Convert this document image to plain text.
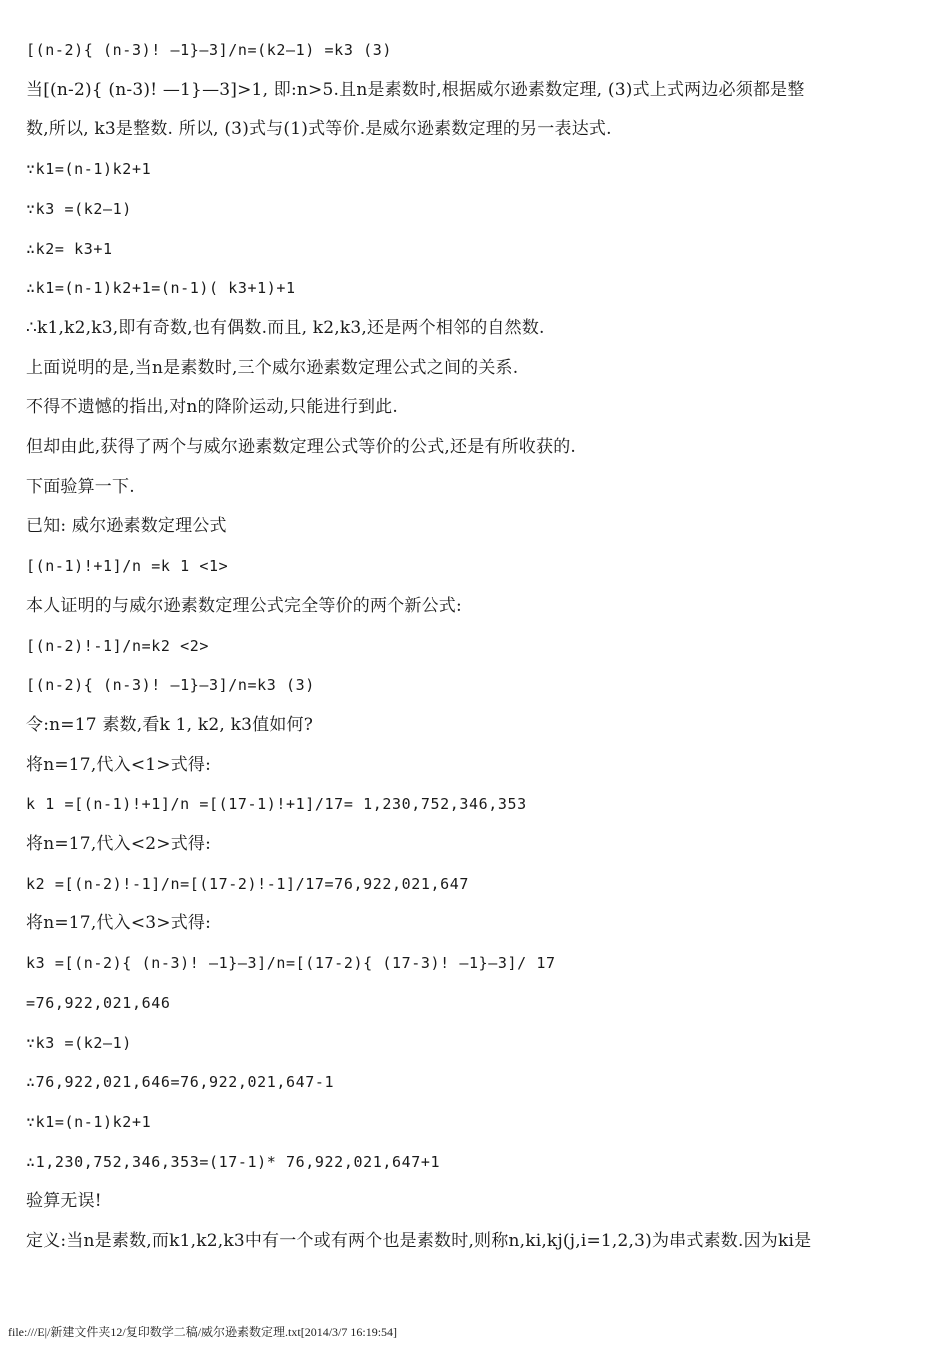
[(n-2){ (n-3)! —1}—3]/n=(k2—1) =k3 (3)
当[(n-2){ (n-3)! —1}—3]>1, 即:n>5.且n是素数时,根据威尔逊素数定理, (3)式上式两边必须都是整
数,所以, k3是整数. 所以, (3)式与(1)式等价.是威尔逊素数定理的另一表达式.
∵k1=(n-1)k2+1
∵k3 =(k2—1)
∴k2= k3+1
∴k1=(n-1)k2+1=(n-1)( k3+1)+1
∴k1,k2,k3,即有奇数,也有偶数.而且, k2,k3,还是两个相邻的自然数.
上面说明的是,当n是素数时,三个威尔逊素数定理公式之间的关系.
不得不遗憾的指出,对n的降阶运动,只能进行到此.
但却由此,获得了两个与威尔逊素数定理公式等价的公式,还是有所收获的.
下面验算一下.
已知: 威尔逊素数定理公式
[(n-1)!+1]/n =k 1 <1>
本人证明的与威尔逊素数定理公式完全等价的两个新公式:
[(n-2)!-1]/n=k2 <2>
[(n-2){ (n-3)! —1}—3]/n=k3 (3)
令:n=17 素数,看k 1, k2, k3值如何?
将n=17,代入<1>式得:
k 1 =[(n-1)!+1]/n =[(17-1)!+1]/17= 1,230,752,346,353
将n=17,代入<2>式得:
k2 =[(n-2)!-1]/n=[(17-2)!-1]/17=76,922,021,647
将n=17,代入<3>式得:
k3 =[(n-2){ (n-3)! —1}—3]/n=[(17-2){ (17-3)! —1}—3]/ 17
=76,922,021,646
∵k3 =(k2—1)
∴76,922,021,646=76,922,021,647-1
∵k1=(n-1)k2+1
∴1,230,752,346,353=(17-1)* 76,922,021,647+1
验算无误!
定义:当n是素数,而k1,k2,k3中有一个或有两个也是素数时,则称n,ki,kj(j,i=1,2,3)为串式素数.因为ki是
file:///E|/新建文件夹12/复印数学二稿/威尔逊素数定理.txt[2014/3/7 16:19:54]
